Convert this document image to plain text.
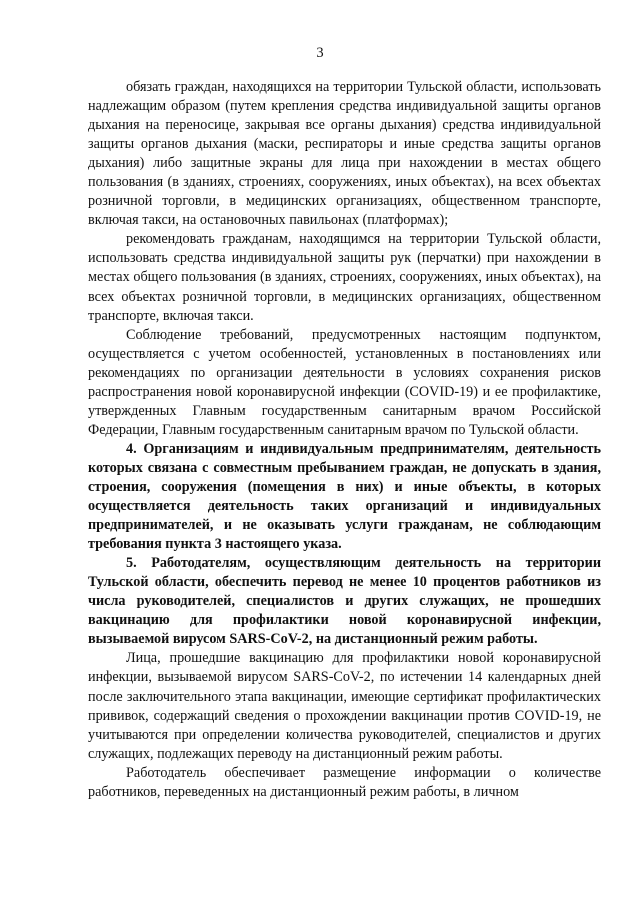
3

обязать граждан, находящихся на территории Тульской области, использовать надлежащим образом (путем крепления средства индивидуальной защиты органов дыхания на переносице, закрывая все органы дыхания) средства индивидуальной защиты органов дыхания (маски, респираторы и иные средства защиты органов дыхания) либо защитные экраны для лица при нахождении в местах общего пользования (в зданиях, строениях, сооружениях, иных объектах), на всех объектах розничной торговли, в медицинских организациях, общественном транспорте, включая такси, на остановочных павильонах (платформах);

рекомендовать гражданам, находящимся на территории Тульской области, использовать средства индивидуальной защиты рук (перчатки) при нахождении в местах общего пользования (в зданиях, строениях, сооружениях, иных объектах), на всех объектах розничной торговли, в медицинских организациях, общественном транспорте, включая такси.

Соблюдение требований, предусмотренных настоящим подпунктом, осуществляется с учетом особенностей, установленных в постановлениях или рекомендациях по организации деятельности в условиях сохранения рисков распространения новой коронавирусной инфекции (COVID-19) и ее профилактике, утвержденных Главным государственным санитарным врачом Российской Федерации, Главным государственным санитарным врачом по Тульской области.

4. Организациям и индивидуальным предпринимателям, деятельность которых связана с совместным пребыванием граждан, не допускать в здания, строения, сооружения (помещения в них) и иные объекты, в которых осуществляется деятельность таких организаций и индивидуальных предпринимателей, и не оказывать услуги гражданам, не соблюдающим требования пункта 3 настоящего указа.

5. Работодателям, осуществляющим деятельность на территории Тульской области, обеспечить перевод не менее 10 процентов работников из числа руководителей, специалистов и других служащих, не прошедших вакцинацию для профилактики новой коронавирусной инфекции, вызываемой вирусом SARS-CoV-2, на дистанционный режим работы.

Лица, прошедшие вакцинацию для профилактики новой коронавирусной инфекции, вызываемой вирусом SARS-CoV-2, по истечении 14 календарных дней после заключительного этапа вакцинации, имеющие сертификат профилактических прививок, содержащий сведения о прохождении вакцинации против COVID-19, не учитываются при определении количества руководителей, специалистов и других служащих, подлежащих переводу на дистанционный режим работы.

Работодатель обеспечивает размещение информации о количестве работников, переведенных на дистанционный режим работы, в личном
